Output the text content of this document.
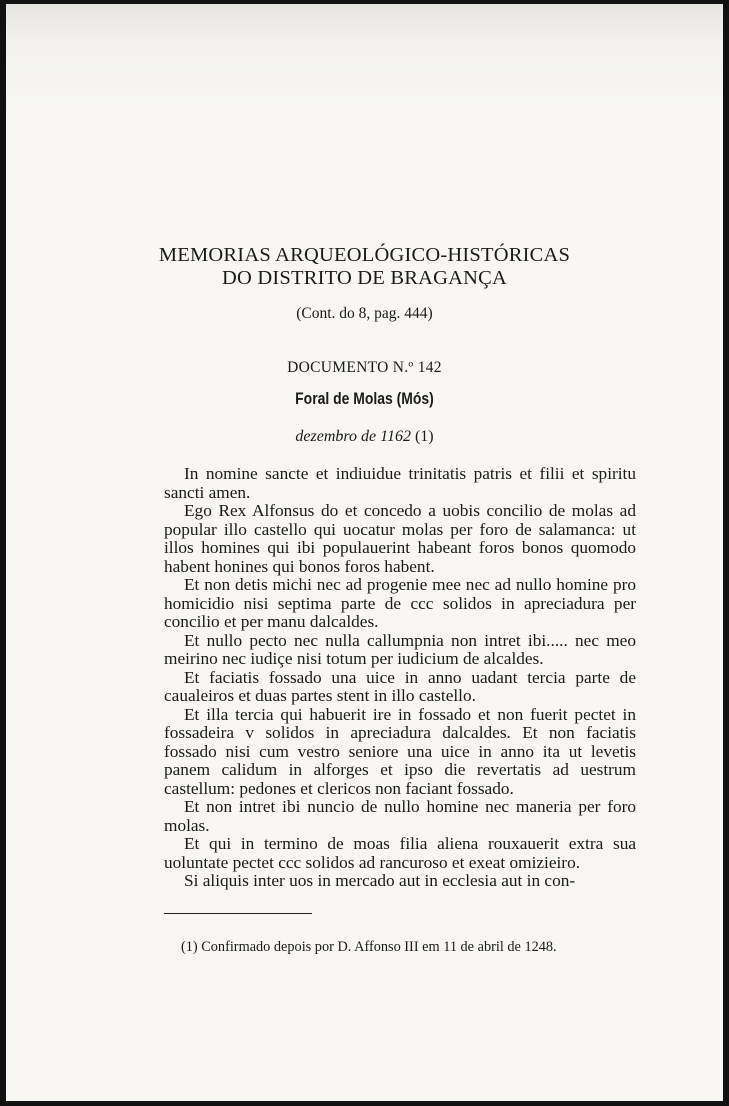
MEMORIAS ARQUEOLÓGICO-HISTÓRICAS
DO DISTRITO DE BRAGANÇA
(Cont. do 8, pag. 444)
DOCUMENTO N.º 142
Foral de Molas (Mós)
dezembro de 1162 (1)

In nomine sancte et indiuidue trinitatis patris et filii et spiritu sancti amen.

Ego Rex Alfonsus do et concedo a uobis concilio de molas ad popular illo castello qui uocatur molas per foro de salamanca: ut illos homines qui ibi populauerint habeant foros bonos quomodo habent honines qui bonos foros habent.

Et non detis michi nec ad progenie mee nec ad nullo homine pro homicidio nisi septima parte de ccc solidos in apreciadura per concilio et per manu dalcaldes.

Et nullo pecto nec nulla callumpnia non intret ibi..... nec meo meirino nec iudiçe nisi totum per iudicium de alcaldes.

Et faciatis fossado una uice in anno uadant tercia parte de caualeiros et duas partes stent in illo castello.

Et illa tercia qui habuerit ire in fossado et non fuerit pectet in fossadeira v solidos in apreciadura dalcaldes. Et non faciatis fossado nisi cum vestro seniore una uice in anno ita ut levetis panem calidum in alforges et ipso die revertatis ad uestrum castellum: pedones et clericos non faciant fossado.

Et non intret ibi nuncio de nullo homine nec maneria per foro molas.

Et qui in termino de moas filia aliena rouxauerit extra sua uoluntate pectet ccc solidos ad rancuroso et exeat omizieiro.

Si aliquis inter uos in mercado aut in ecclesia aut in con-

(1) Confirmado depois por D. Affonso III em 11 de abril de 1248.
